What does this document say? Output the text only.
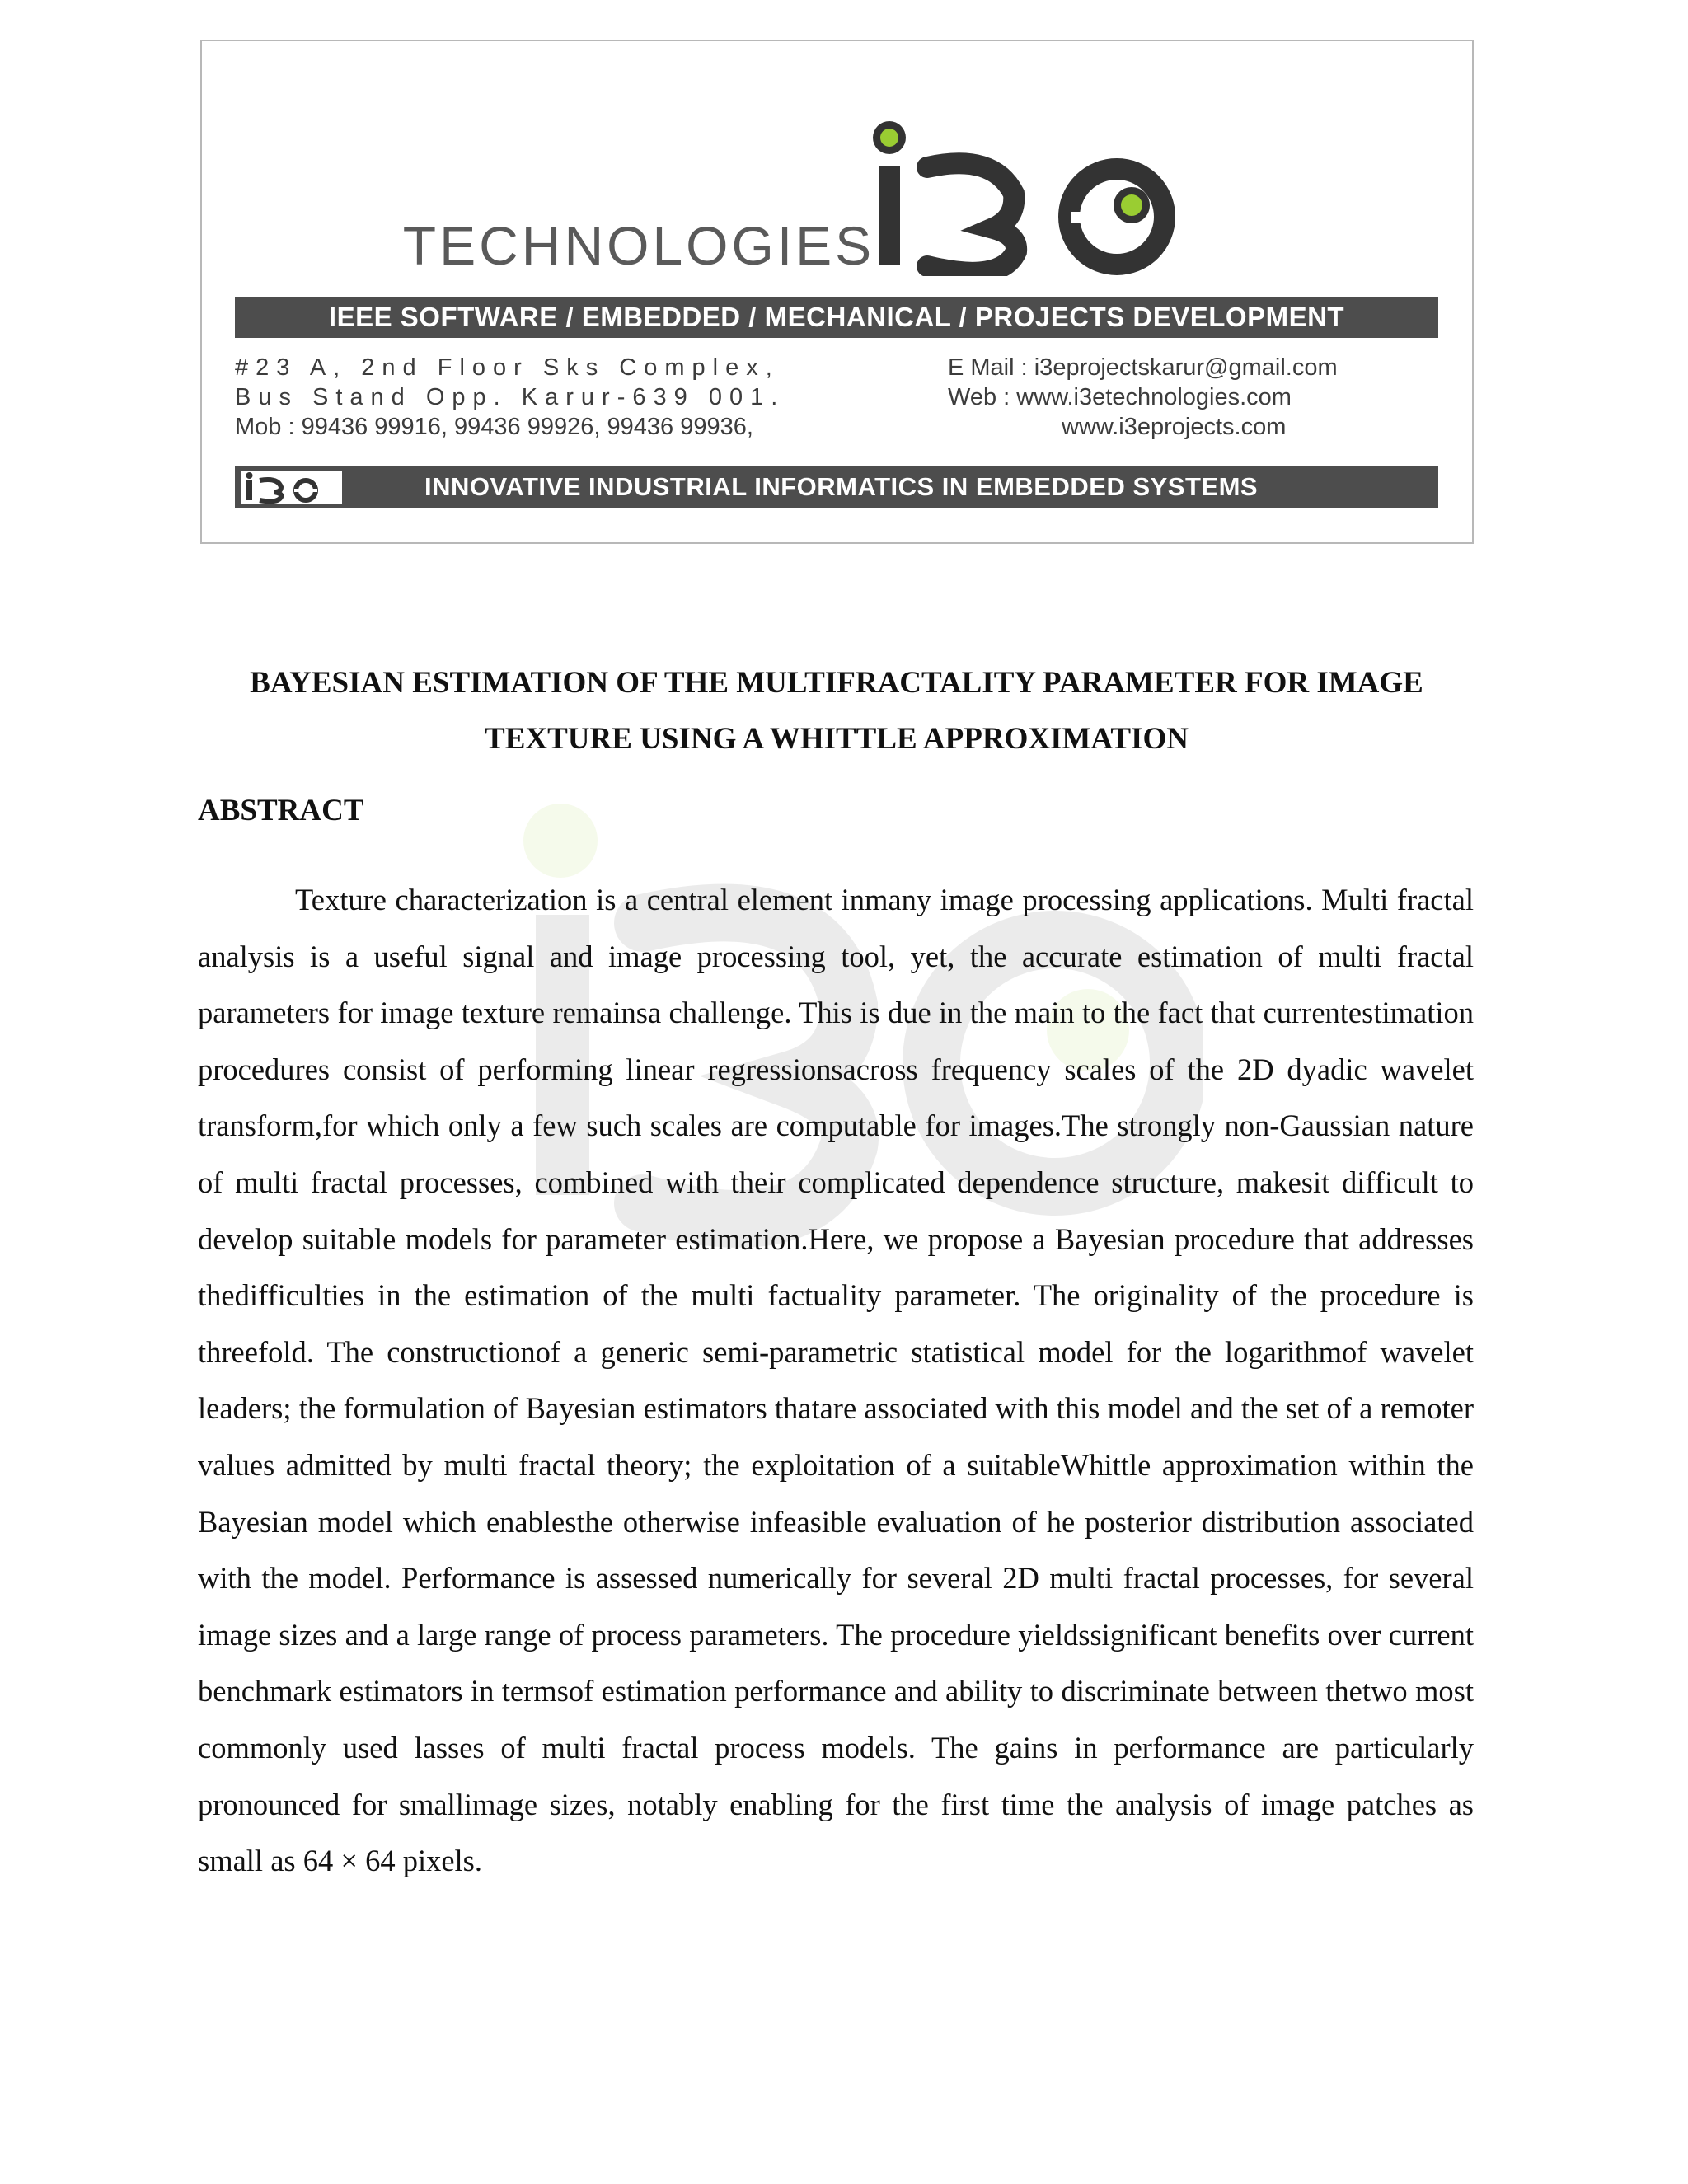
TECHNOLOGIES
IEEE SOFTWARE / EMBEDDED / MECHANICAL / PROJECTS DEVELOPMENT
#23 A, 2nd Floor Sks Complex,
Bus Stand Opp. Karur-639 001.
Mob : 99436 99916, 99436 99926, 99436 99936,
E Mail : i3eprojectskarur@gmail.com
Web : www.i3etechnologies.com
www.i3eprojects.com
INNOVATIVE INDUSTRIAL INFORMATICS IN EMBEDDED SYSTEMS
BAYESIAN ESTIMATION OF THE MULTIFRACTALITY PARAMETER FOR IMAGE TEXTURE USING A WHITTLE APPROXIMATION
ABSTRACT

Texture characterization is a central element inmany image processing applications. Multi fractal analysis is a useful signal and image processing tool, yet, the accurate estimation of multi fractal parameters for image texture remainsa challenge. This is due in the main to the fact that currentestimation procedures consist of performing linear regressionsacross frequency scales of the 2D dyadic wavelet transform,for which only a few such scales are computable for images.The strongly non-Gaussian nature of multi fractal processes, combined with their complicated dependence structure, makesit difficult to develop suitable models for parameter estimation.Here, we propose a Bayesian procedure that addresses thedifficulties in the estimation of the multi factuality parameter. The originality of the procedure is threefold. The constructionof a generic semi-parametric statistical model for the logarithmof wavelet leaders; the formulation of Bayesian estimators thatare associated with this model and the set of a remoter values admitted by multi fractal theory; the exploitation of a suitableWhittle approximation within the Bayesian model which enablesthe otherwise infeasible evaluation of he posterior distribution associated with the model. Performance is assessed numerically for several 2D multi fractal processes, for several image sizes and a large range of process parameters. The procedure yieldssignificant benefits over current benchmark estimators in termsof estimation performance and ability to discriminate between thetwo most commonly used lasses of multi fractal process models. The gains in performance are particularly pronounced for smallimage sizes, notably enabling for the first time the analysis of image patches as small as 64 × 64 pixels.
